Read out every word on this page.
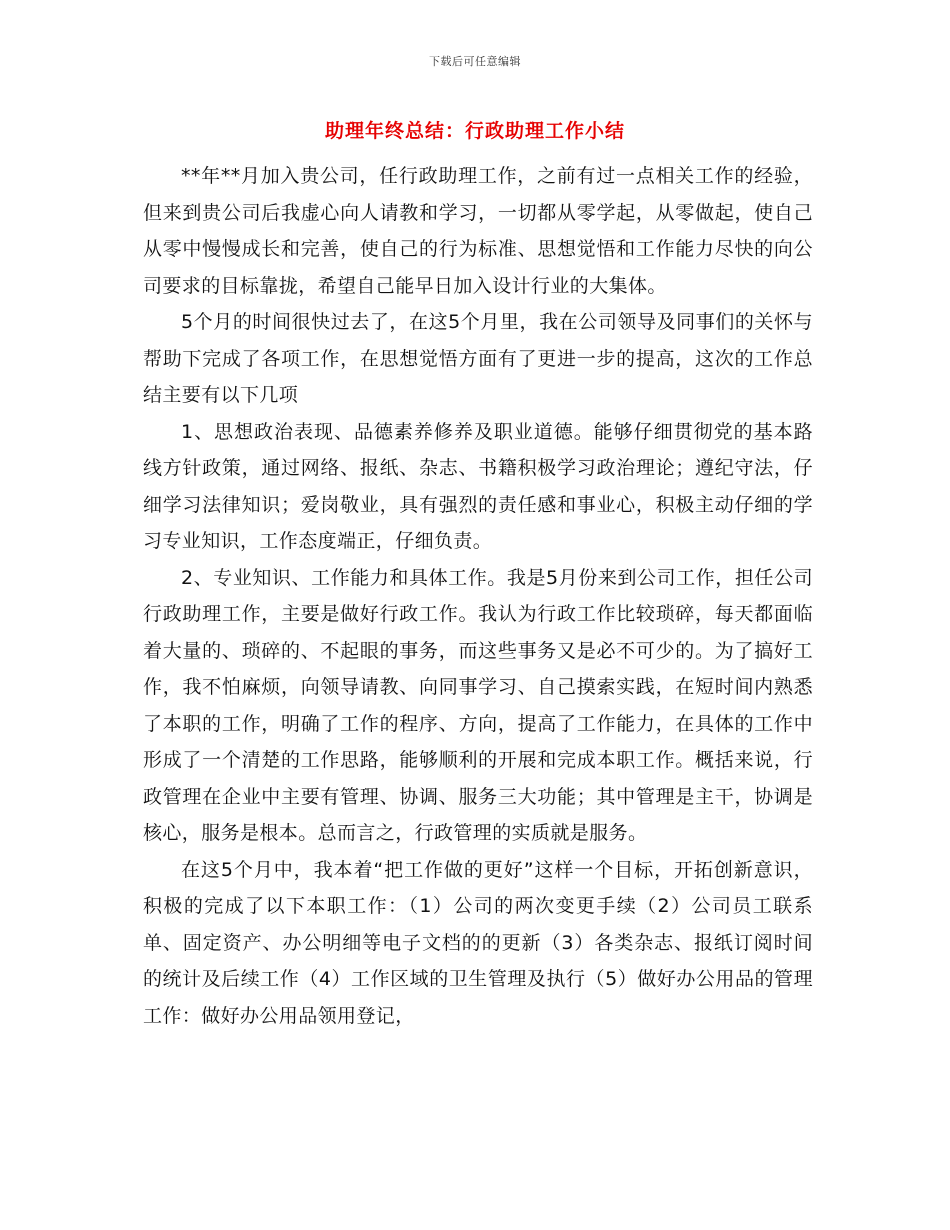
下载后可任意编辑
助理年终总结：行政助理工作小结

**年**月加入贵公司，任行政助理工作，之前有过一点相关工作的经验，但来到贵公司后我虚心向人请教和学习，一切都从零学起，从零做起，使自己从零中慢慢成长和完善，使自己的行为标准、思想觉悟和工作能力尽快的向公司要求的目标靠拢，希望自己能早日加入设计行业的大集体。

5个月的时间很快过去了，在这5个月里，我在公司领导及同事们的关怀与帮助下完成了各项工作，在思想觉悟方面有了更进一步的提高，这次的工作总结主要有以下几项

1、思想政治表现、品德素养修养及职业道德。能够仔细贯彻党的基本路线方针政策，通过网络、报纸、杂志、书籍积极学习政治理论；遵纪守法，仔细学习法律知识；爱岗敬业，具有强烈的责任感和事业心，积极主动仔细的学习专业知识，工作态度端正，仔细负责。

2、专业知识、工作能力和具体工作。我是5月份来到公司工作，担任公司行政助理工作，主要是做好行政工作。我认为行政工作比较琐碎，每天都面临着大量的、琐碎的、不起眼的事务，而这些事务又是必不可少的。为了搞好工作，我不怕麻烦，向领导请教、向同事学习、自己摸索实践，在短时间内熟悉了本职的工作，明确了工作的程序、方向，提高了工作能力，在具体的工作中形成了一个清楚的工作思路，能够顺利的开展和完成本职工作。概括来说，行政管理在企业中主要有管理、协调、服务三大功能；其中管理是主干，协调是核心，服务是根本。总而言之，行政管理的实质就是服务。

在这5个月中，我本着“把工作做的更好”这样一个目标，开拓创新意识，积极的完成了以下本职工作：（1）公司的两次变更手续（2）公司员工联系单、固定资产、办公明细等电子文档的的更新（3）各类杂志、报纸订阅时间的统计及后续工作（4）工作区域的卫生管理及执行（5）做好办公用品的管理工作：做好办公用品领用登记，
